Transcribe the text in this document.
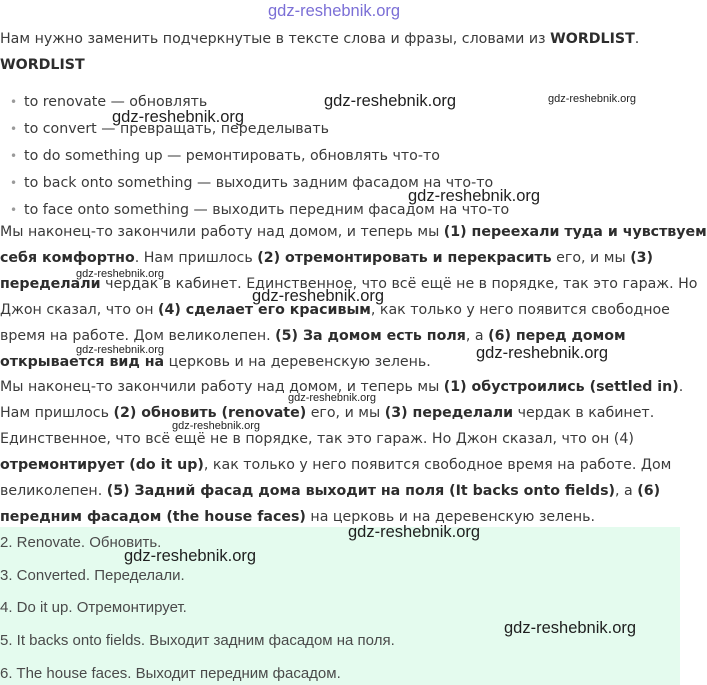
gdz-reshebnik.org
Нам нужно заменить подчеркнутые в тексте слова и фразы, словами из WORDLIST.
WORDLIST
• to renovate — обновлять
• to convert — превращать, переделывать
• to do something up — ремонтировать, обновлять что-то
• to back onto something — выходить задним фасадом на что-то
• to face onto something — выходить передним фасадом на что-то
Мы наконец-то закончили работу над домом, и теперь мы (1) переехали туда и чувствуем
себя комфортно. Нам пришлось (2) отремонтировать и перекрасить его, и мы (3)
переделали чердак в кабинет. Единственное, что всё ещё не в порядке, так это гараж. Но
Джон сказал, что он (4) сделает его красивым, как только у него появится свободное
время на работе. Дом великолепен. (5) За домом есть поля, а (6) перед домом
открывается вид на церковь и на деревенскую зелень.
Мы наконец-то закончили работу над домом, и теперь мы (1) обустроились (settled in).
Нам пришлось (2) обновить (renovate) его, и мы (3) переделали чердак в кабинет.
Единственное, что всё ещё не в порядке, так это гараж. Но Джон сказал, что он (4)
отремонтирует (do it up), как только у него появится свободное время на работе. Дом
великолепен. (5) Задний фасад дома выходит на поля (It backs onto fields), а (6)
передним фасадом (the house faces) на церковь и на деревенскую зелень.
2. Renovate. Обновить.
3. Converted. Переделали.
4. Do it up. Отремонтирует.
5. It backs onto fields. Выходит задним фасадом на поля.
6. The house faces. Выходит передним фасадом.
gdz-reshebnik.org	gdz-reshebnik.org
gdz-reshebnik.org
gdz-reshebnik.org
gdz-reshebnik.org
gdz-reshebnik.org
gdz-reshebnik.org	gdz-reshebnik.org
gdz-reshebnik.org
gdz-reshebnik.org
gdz-reshebnik.org
gdz-reshebnik.org
gdz-reshebnik.org
